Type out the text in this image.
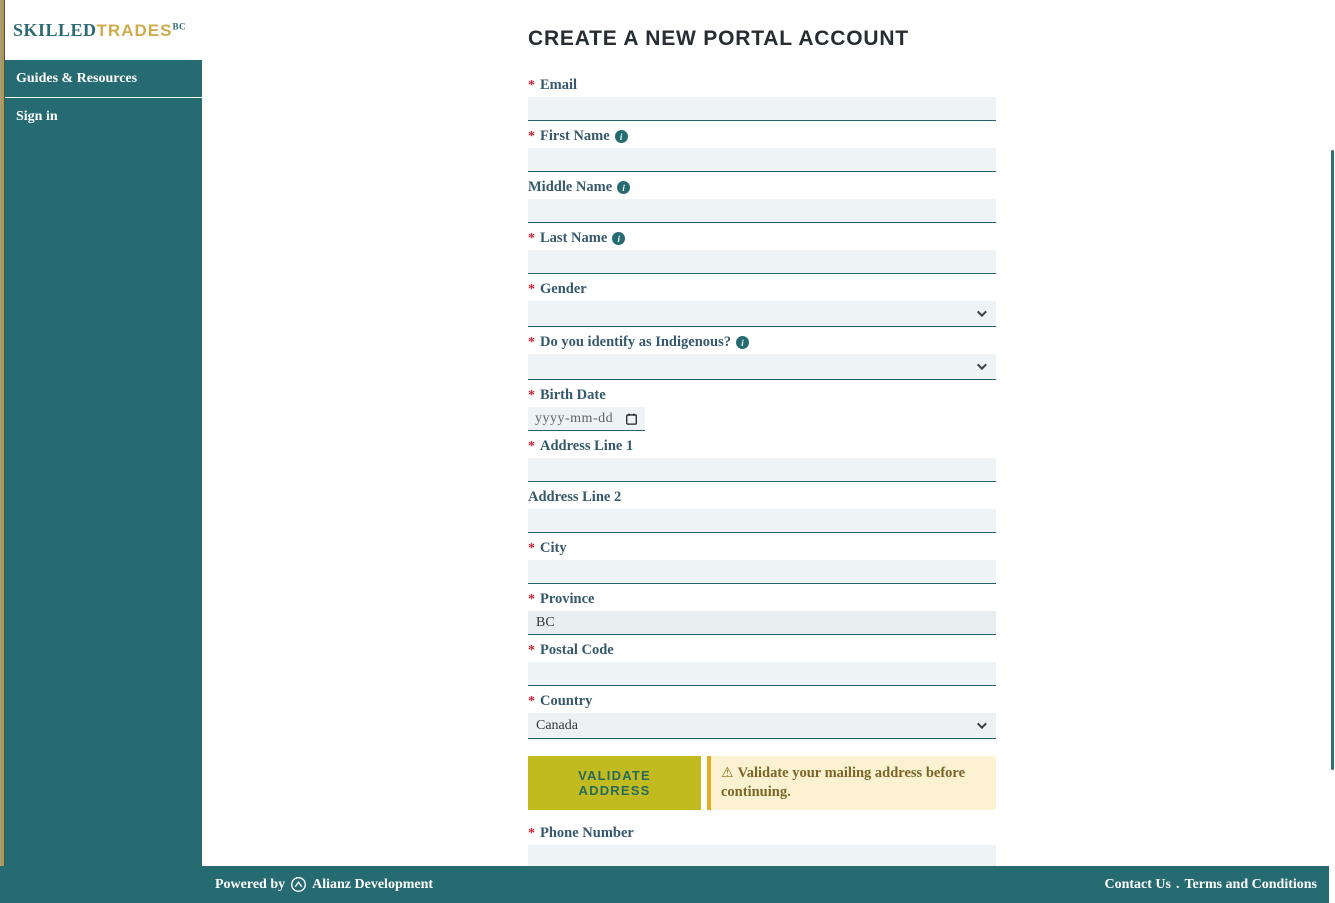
Guides & Resources
Sign in
$SKILLEDTRADES^{BC}$
CREATE A NEW PORTAL ACCOUNT
* Email
* First Name	i
Middle Name	i
* Last Name	i
* Gender
* Do you identify as Indigenous?	i
* Birth Date
yyyy-mm-dd
* Address Line 1
Address Line 2
* City
* Province
BC
* Postal Code
* Country
Canada
VALIDATE ADDRESS
⚠ Validate your mailing address before continuing.
* Phone Number
Powered by Alianz Development	Contact Us . Terms and Conditions
